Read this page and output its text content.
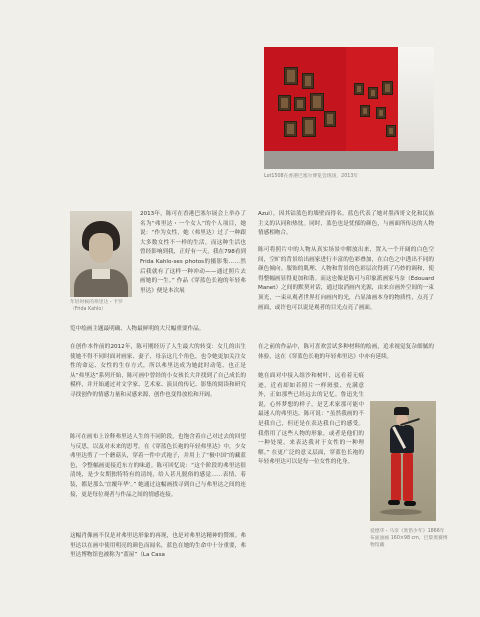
Lot1508在香港巴塞尔博览会现场，2013年

年轻时候的弗里达・卡罗

（Frida Kahlo）

2013年，陈可在香港巴塞尔展会上举办了名为“弗里达・一个女人”的个人项目，她说：“作为女性，她（弗里达）过了一种跟大多数女性不一样的生活，而这种生活也曾经影响到我，正好有一天，我在798看到Frida Kahlo-ses photos的摄影集……然后我就有了这样一种冲动——通过照片去画她的一生。” 作品《穿蓝色长袍的年轻弗里达》便是本次展

览中绘画主题最明确、人物最鲜明的大尺幅重要作品。

在创作本作前的2012年，陈可刚经历了人生最大的转变：女儿的出生使她不得不同时面对画家、妻子、母亲这几个角色，也令她更加关注女性的命运、女性的生存方式，所以弗里达成为她此时动笔、也正是从“弗里达”系列开始，陈可画中曾经的小女孩长大并找到了自己成长的模样，并开始通过对文学家、艺术家、演员的传记、影集的阅读和研究寻找创作的情感力量和灵感来源，创作也变得放松和开阔。

陈可在画布上诠释弗里达人生的不同阶段，也饱含着自己对过去的回望与反思，以及对未来的思考。在《穿蓝色长袍的年轻弗里达》中，少女弗里达剪了一个蘑菇头，穿着一件中式袍子，并用上了“极中国”的藏蓝色，令整幅画更接近东方的味道。陈可回忆说：“这个阶段的弗里达很清纯，是少女期独特特有的清纯，给人甚凡脱俗的感觉……表情、着装，都是那么‘宜覆年华’。” 她通过这幅画找寻到自己与弗里达之间的连接，更是每位观者与作品之间的情感连接。

这幅肖像画不仅是对弗里达形象的再现，也是对弗里达精神的赞颂。弗里达以在画中使用明亮的颜色而闻名，蓝色在她的生命中十分重要，弗里达博物馆也被称为“蓝屋”（La Casa

Azul），因其钴蓝色的墙壁而得名。蓝色代表了她对墨西哥文化和民族主义的认同和热忱。同时，蓝色也是忧郁的颜色，与画面所传达的人物情感相吻合。

陈可将照片中的人物从真实场景中解放出来，置入一个开阔的白色空间，空旷的背景给出画家进行丰富的色彩叠加，在白色之中透出不同的颜色倾向。服饰的肌理、人物和背景的色彩层次得到了巧妙的调和，使得整幅画显得更加和谐。而这也像是陈可与印象派画家马奈（Édouard Manet）之间的默契对话，通过取消画内光源，由来自画外空间的一束顶光，一束从观者世界打向画内的光，凸显油画本身的物质性，点亮了画面，或许也可以说是观者的目光点亮了画面。

在之前的作品中，陈可喜欢尝试多种材料的绘画，追求视觉复杂细腻的体验，这在《穿蓝色长袍的年轻弗里达》中亦有延续。

她在面对中接入组沙和树叶，远看着无痕迹，近看却如若照片一样斑驳、充满意外，正如那些已经远去的记忆。鲁迅先生说，心怀梦想的样子，是艺术家那可能中最迷人的弗里达。陈可说：“虽然我画的不是我自己，但还是在表达我自己的感受。我借用了这些人物的形象，或者是他们的一种处境，来表达我对于女性的一种理解。” 在更广泛的意义层面，穿蓝色长袍的年轻弗里达可以是每一位女性的化身。

爱德华・马奈《吹笛少年》1866年

布面油画 160×98 cm，巴黎奥赛博

物馆藏
